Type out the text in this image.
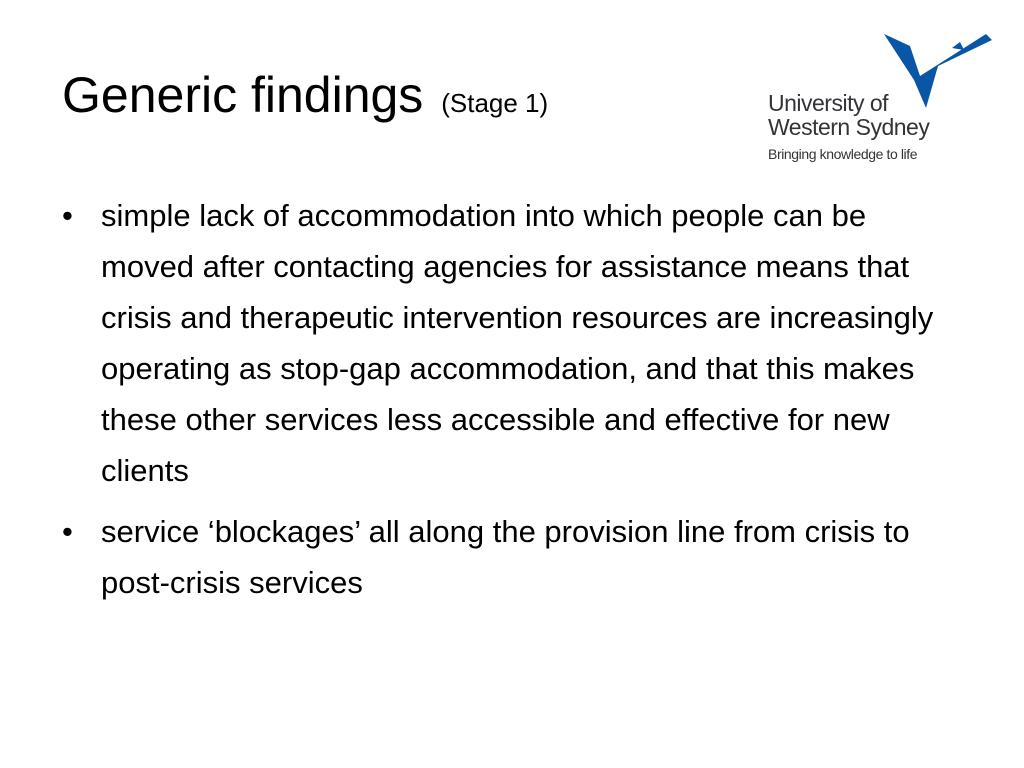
Generic findings (Stage 1)	University of
Western Sydney
Bringing knowledge to life
• simple lack of accommodation into which people can be moved after contacting agencies for assistance means that crisis and therapeutic intervention resources are increasingly operating as stop-gap accommodation, and that this makes these other services less accessible and effective for new clients
• service ‘blockages’ all along the provision line from crisis to post-crisis services
